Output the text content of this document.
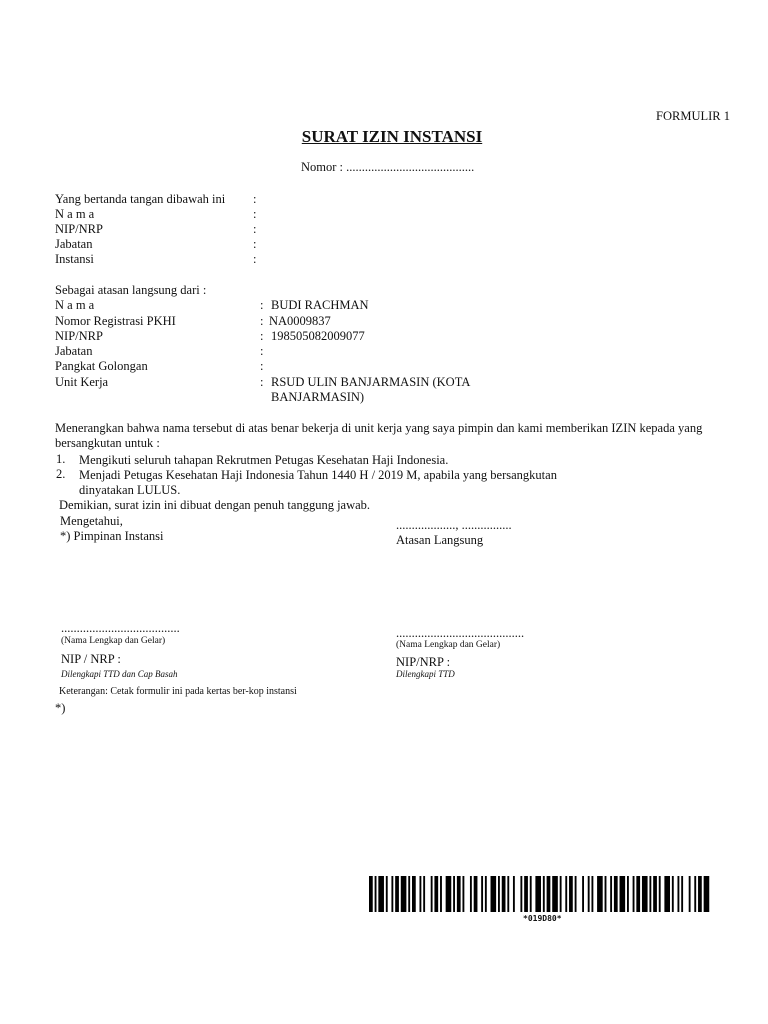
FORMULIR 1
SURAT IZIN INSTANSI
Nomor : .........................................
Yang bertanda tangan dibawah ini :
N a m a	:
NIP/NRP	:
Jabatan	:
Instansi	:
Sebagai atasan langsung dari :
N a m a	: BUDI RACHMAN
Nomor Registrasi PKHI	: NA0009837
NIP/NRP	: 198505082009077
Jabatan	:
Pangkat Golongan	:
Unit Kerja	: RSUD ULIN BANJARMASIN (KOTA
BANJARMASIN)
Menerangkan bahwa nama tersebut di atas benar bekerja di unit kerja yang saya pimpin dan kami memberikan IZIN kepada yang
bersangkutan untuk :
1. Mengikuti seluruh tahapan Rekrutmen Petugas Kesehatan Haji Indonesia.
2. Menjadi Petugas Kesehatan Haji Indonesia Tahun 1440 H / 2019 M, apabila yang bersangkutan
dinyatakan LULUS.
Demikian, surat izin ini dibuat dengan penuh tanggung jawab.
Mengetahui,
*) Pimpinan Instansi
..................., ................
Atasan Langsung
......................................
(Nama Lengkap dan Gelar)
NIP / NRP :
Dilengkapi TTD dan Cap Basah
.........................................
(Nama Lengkap dan Gelar)
NIP/NRP :
Dilengkapi TTD
Keterangan: Cetak formulir ini pada kertas ber-kop instansi
*)
*019D80*
